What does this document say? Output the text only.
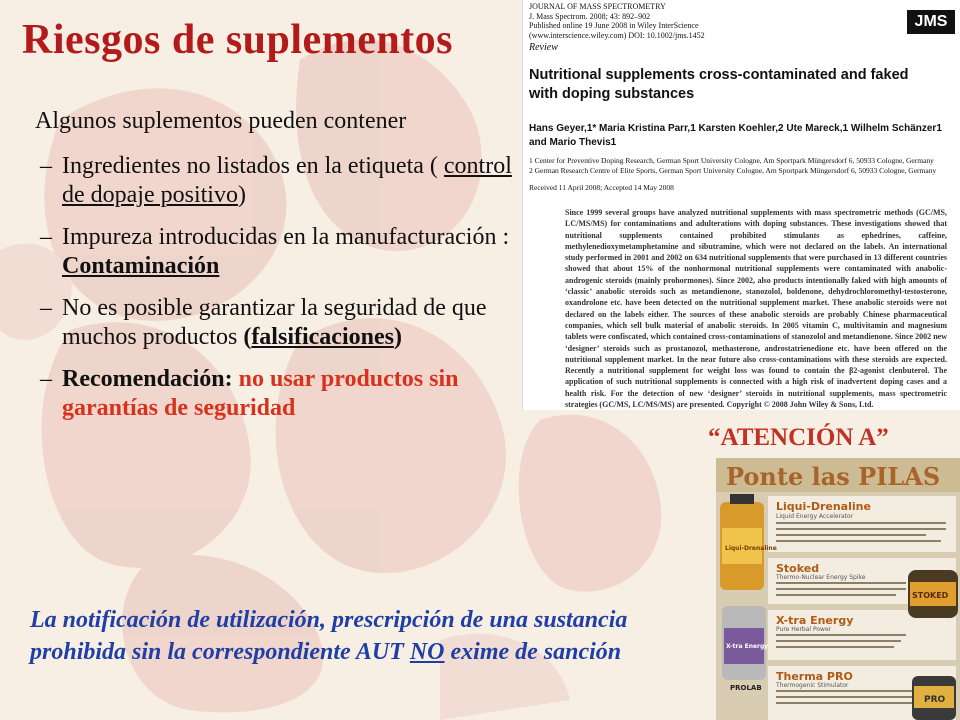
Riesgos de suplementos
Algunos suplementos pueden contener
– Ingredientes no listados en la etiqueta ( control de dopaje positivo)
– Impureza introducidas en la manufacturación : Contaminación
– No es posible garantizar la seguridad de que muchos productos (falsificaciones)
– Recomendación: no usar productos sin garantías de seguridad
La notificación de utilización, prescripción de una sustancia prohibida sin la correspondiente AUT NO exime de sanción
JOURNAL OF MASS SPECTROMETRY
J. Mass Spectrom. 2008; 43: 892–902
Published online 19 June 2008 in Wiley InterScience
(www.interscience.wiley.com) DOI: 10.1002/jms.1452
JMS
Review
Nutritional supplements cross-contaminated and faked with doping substances
Hans Geyer,1* Maria Kristina Parr,1 Karsten Koehler,2 Ute Mareck,1 Wilhelm Schänzer1 and Mario Thevis1
1 Center for Preventive Doping Research, German Sport University Cologne, Am Sportpark Müngersdorf 6, 50933 Cologne, Germany
2 German Research Centre of Elite Sports, German Sport University Cologne, Am Sportpark Müngersdorf 6, 50933 Cologne, Germany
Received 11 April 2008; Accepted 14 May 2008
Since 1999 several groups have analyzed nutritional supplements with mass spectrometric methods (GC/MS, LC/MS/MS) for contaminations and adulterations with doping substances. These investigations showed that nutritional supplements contained prohibited stimulants as ephedrines, caffeine, methylenedioxymetamphetamine and sibutramine, which were not declared on the labels. An international study performed in 2001 and 2002 on 634 nutritional supplements that were purchased in 13 different countries showed that about 15% of the nonhormonal nutritional supplements were contaminated with anabolic-androgenic steroids (mainly prohormones). Since 2002, also products intentionally faked with high amounts of ‘classic’ anabolic steroids such as metandienone, stanozolol, boldenone, dehydrochloromethyl-testosterone, oxandrolone etc. have been detected on the nutritional supplement market. These anabolic steroids were not declared on the labels either. The sources of these anabolic steroids are probably Chinese pharmaceutical companies, which sell bulk material of anabolic steroids. In 2005 vitamin C, multivitamin and magnesium tablets were confiscated, which contained cross-contaminations of stanozolol and metandienone. Since 2002 new ‘designer’ steroids such as prostanozol, methasterone, androstatrienedione etc. have been offered on the nutritional supplement market. In the near future also cross-contaminations with these steroids are expected. Recently a nutritional supplement for weight loss was found to contain the β2-agonist clenbuterol. The application of such nutritional supplements is connected with a high risk of inadvertent doping cases and a health risk. For the detection of new ‘designer’ steroids in nutritional supplements, mass spectrometric strategies (GC/MS, LC/MS/MS) are presented. Copyright © 2008 John Wiley & Sons, Ltd.
“ATENCIÓN A”
Ponte las PILAS
Liqui-Drenaline
Stoked
X-tra Energy
Therma PRO
Liquid Energy Accelerator
Thermo-Nuclear Energy Spike
Pure Herbal Power
Thermogenic Stimulator
Liqui-Drenaline
STOKED
X-tra Energy
PROLAB
PRO
